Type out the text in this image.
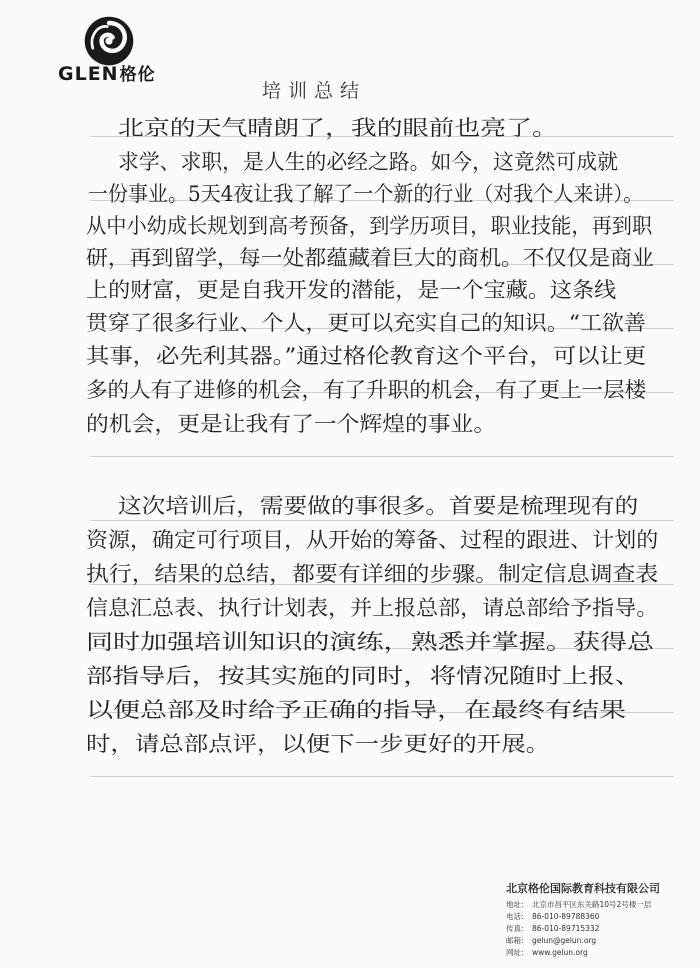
GLEN格伦
培训总结
北京的天气晴朗了，我的眼前也亮了。
求学、求职，是人生的必经之路。如今，这竟然可成就
一份事业。5天4夜让我了解了一个新的行业（对我个人来讲）。
从中小幼成长规划到高考预备，到学历项目，职业技能，再到职
研，再到留学，每一处都蕴藏着巨大的商机。不仅仅是商业
上的财富，更是自我开发的潜能，是一个宝藏。这条线
贯穿了很多行业、个人，更可以充实自己的知识。“工欲善
其事，必先利其器。”通过格伦教育这个平台，可以让更
多的人有了进修的机会，有了升职的机会，有了更上一层楼
的机会，更是让我有了一个辉煌的事业。
这次培训后，需要做的事很多。首要是梳理现有的
资源，确定可行项目，从开始的筹备、过程的跟进、计划的
执行，结果的总结，都要有详细的步骤。制定信息调查表
信息汇总表、执行计划表，并上报总部，请总部给予指导。
同时加强培训知识的演练，熟悉并掌握。获得总
部指导后，按其实施的同时，将情况随时上报、
以便总部及时给予正确的指导，在最终有结果
时，请总部点评，以便下一步更好的开展。
北京格伦国际教育科技有限公司
地址: 北京市昌平区东关路10号2号楼一层
电话: 86-010-89788360
传真: 86-010-89715332
邮箱: gelun@gelun.org
网址: www.gelun.org
